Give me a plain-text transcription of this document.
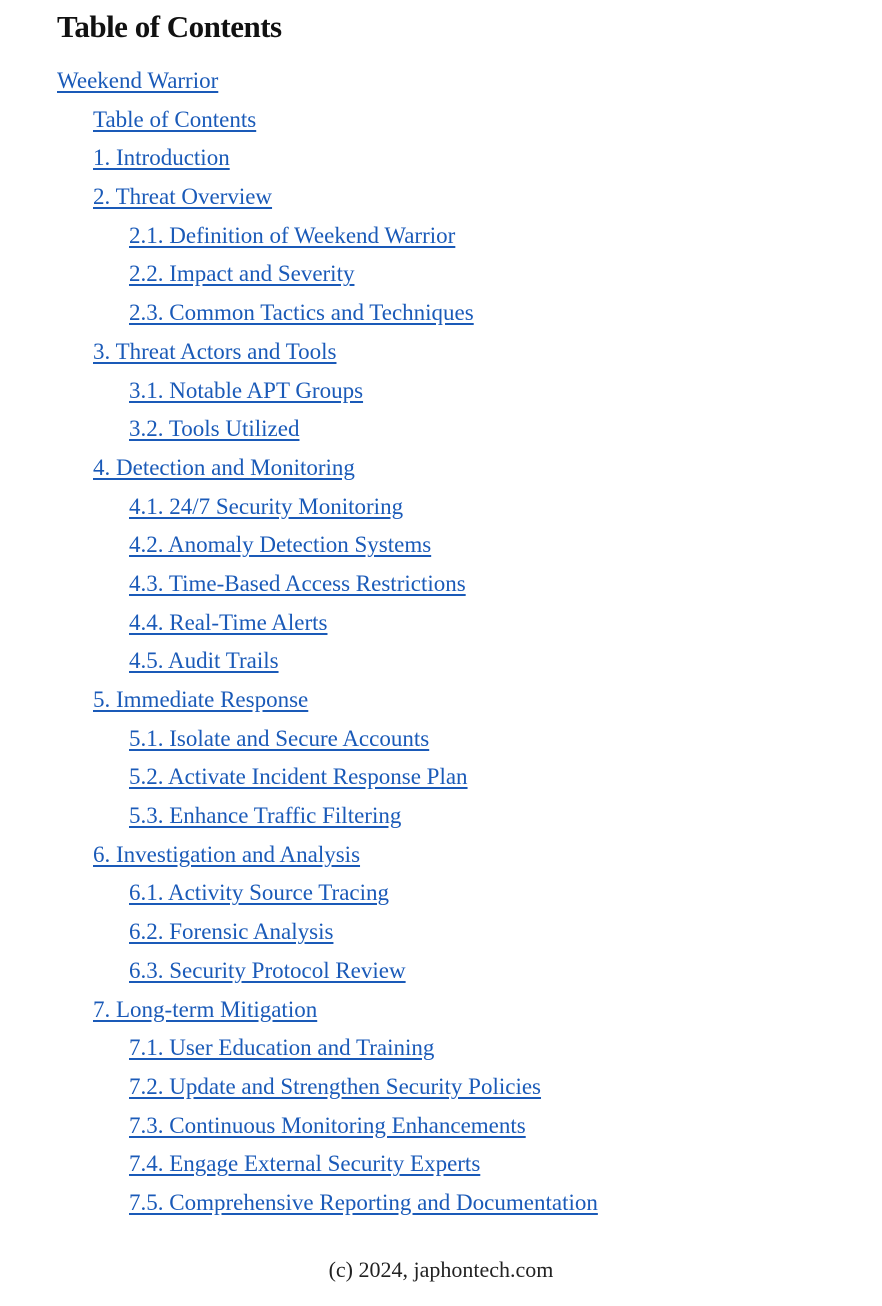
Table of Contents
Weekend Warrior
Table of Contents
1. Introduction
2. Threat Overview
2.1. Definition of Weekend Warrior
2.2. Impact and Severity
2.3. Common Tactics and Techniques
3. Threat Actors and Tools
3.1. Notable APT Groups
3.2. Tools Utilized
4. Detection and Monitoring
4.1. 24/7 Security Monitoring
4.2. Anomaly Detection Systems
4.3. Time-Based Access Restrictions
4.4. Real-Time Alerts
4.5. Audit Trails
5. Immediate Response
5.1. Isolate and Secure Accounts
5.2. Activate Incident Response Plan
5.3. Enhance Traffic Filtering
6. Investigation and Analysis
6.1. Activity Source Tracing
6.2. Forensic Analysis
6.3. Security Protocol Review
7. Long-term Mitigation
7.1. User Education and Training
7.2. Update and Strengthen Security Policies
7.3. Continuous Monitoring Enhancements
7.4. Engage External Security Experts
7.5. Comprehensive Reporting and Documentation
(c) 2024, japhontech.com
